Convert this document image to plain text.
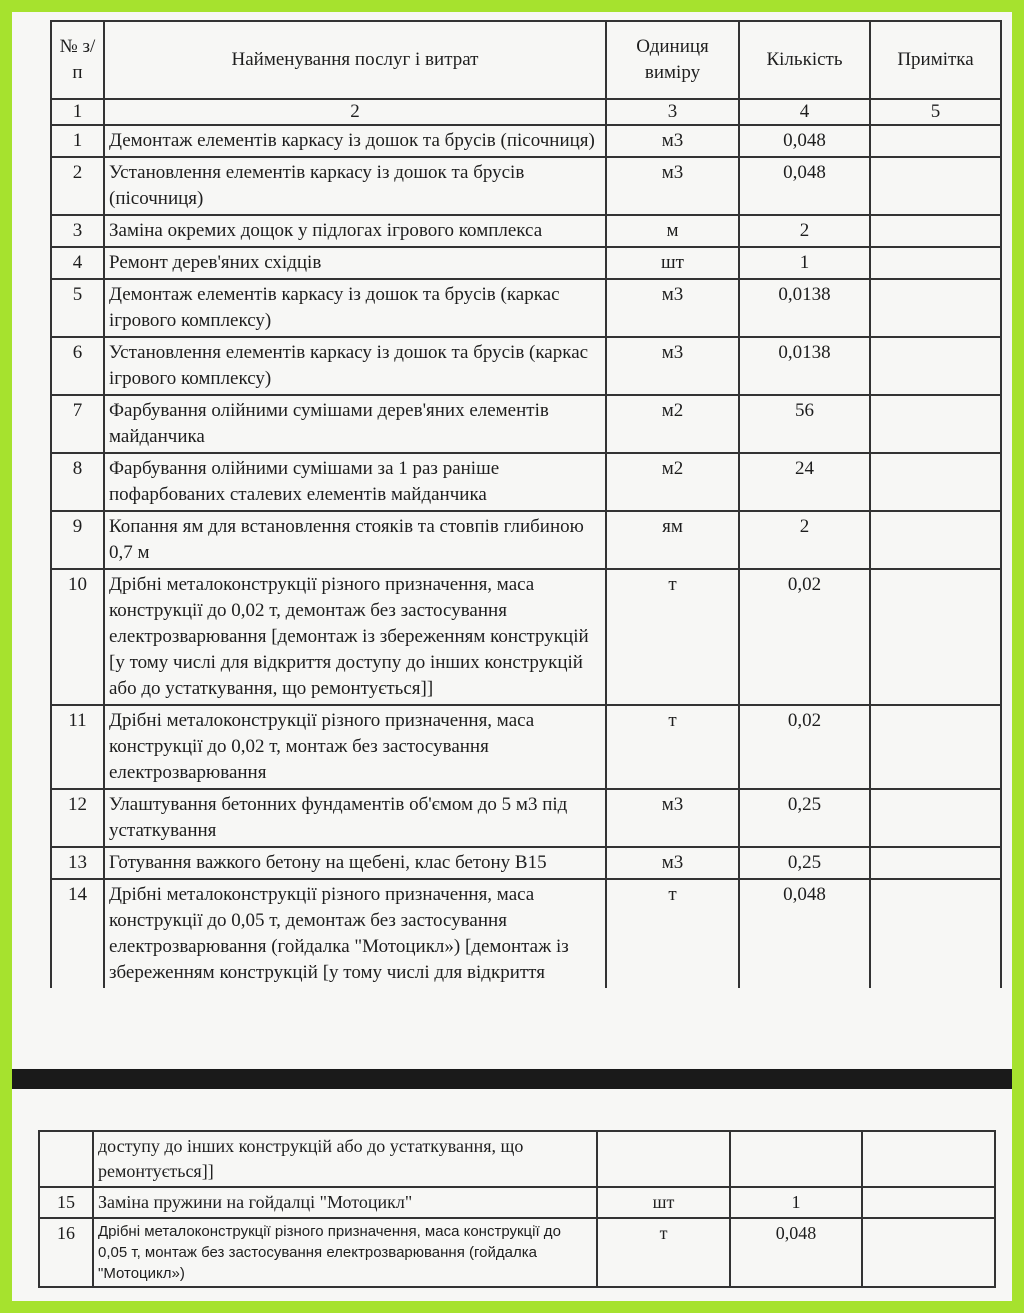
№ з/п	Найменування послуг і витрат	Одиниця виміру	Кількість	Примітка
1	2	3	4	5
1	Демонтаж елементів каркасу із дошок та брусів (пісочниця)	м3	0,048	
2	Установлення елементів каркасу із дошок та брусів (пісочниця)	м3	0,048	
3	Заміна окремих дощок у підлогах ігрового комплекса	м	2	
4	Ремонт дерев'яних східців	шт	1	
5	Демонтаж елементів каркасу із дошок та брусів (каркас ігрового комплексу)	м3	0,0138	
6	Установлення елементів каркасу із дошок та брусів (каркас ігрового комплексу)	м3	0,0138	
7	Фарбування олійними сумішами дерев'яних елементів майданчика	м2	56	
8	Фарбування олійними сумішами за 1 раз раніше пофарбованих сталевих елементів майданчика	м2	24	
9	Копання ям для встановлення стояків та стовпів глибиною 0,7 м	ям	2	
10	Дрібні металоконструкції різного призначення, маса конструкції до 0,02 т, демонтаж без застосування електрозварювання [демонтаж із збереженням конструкцій [у тому числі для відкриття доступу до інших конструкцій або до устаткування, що ремонтується]]	т	0,02	
11	Дрібні металоконструкції різного призначення, маса конструкції до 0,02 т, монтаж без застосування електрозварювання	т	0,02	
12	Улаштування бетонних фундаментів об'ємом до 5 м3 під устаткування	м3	0,25	
13	Готування важкого бетону на щебені, клас бетону В15	м3	0,25	
14	Дрібні металоконструкції різного призначення, маса конструкції до 0,05 т, демонтаж без застосування електрозварювання (гойдалка "Мотоцикл») [демонтаж із збереженням конструкцій [у тому числі для відкриття	т	0,048	
	доступу до інших конструкцій або до устаткування, що ремонтується]]			
15	Заміна пружини на гойдалці "Мотоцикл"	шт	1	
16	Дрібні металоконструкції різного призначення, маса конструкції до 0,05 т, монтаж без застосування електрозварювання (гойдалка "Мотоцикл»)	т	0,048	
